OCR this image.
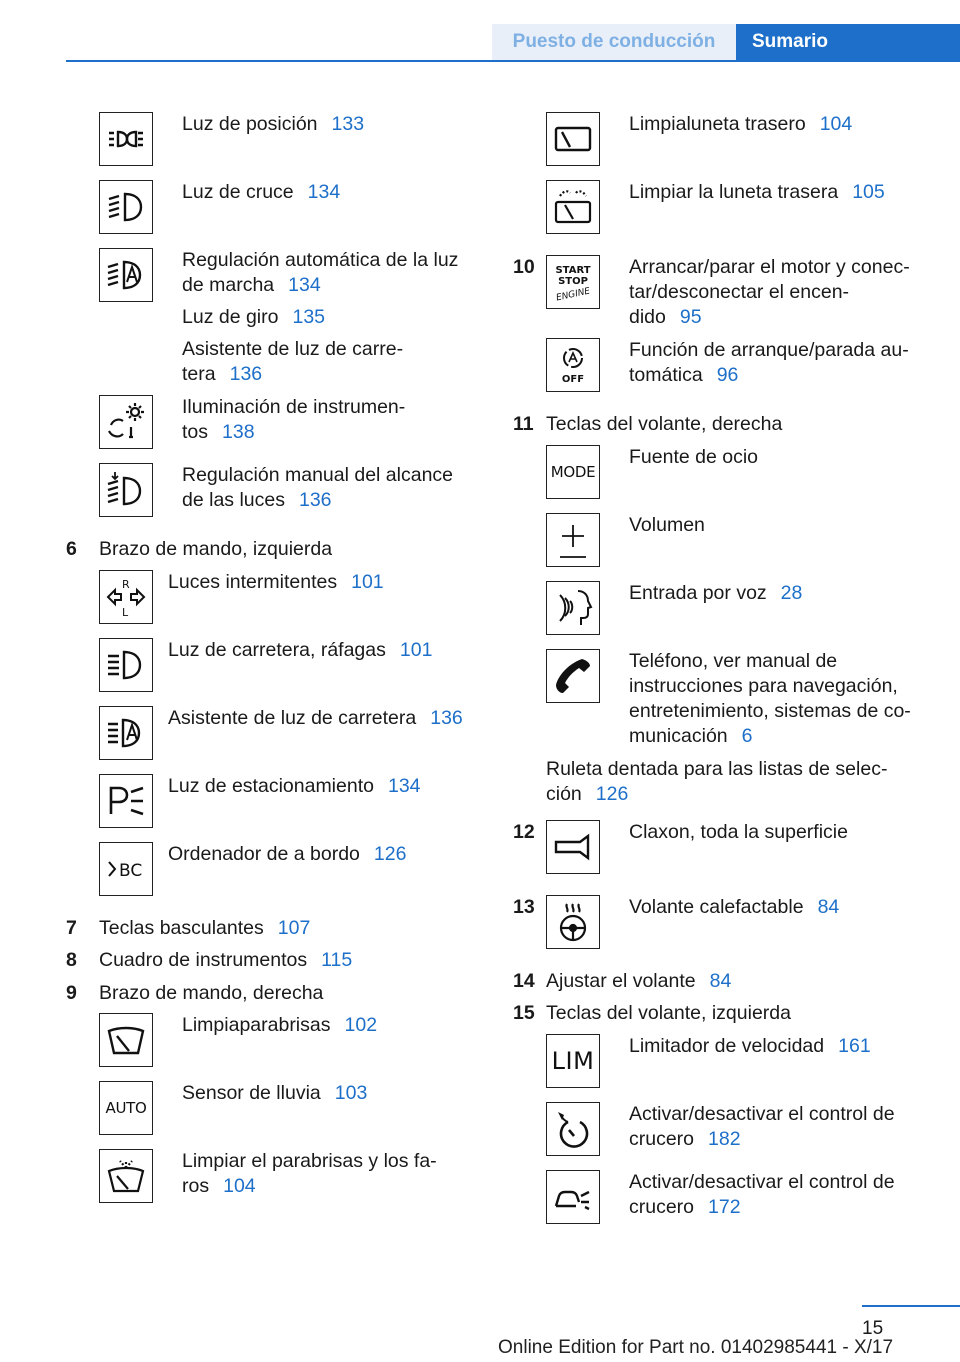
Puesto de conducción	Sumario
Luz de posición 133
Luz de cruce 134
Regulación automática de la luz
de marcha 134
Luz de giro 135
Asistente de luz de carre-
tera 136
Iluminación de instrumen-
tos 138
Regulación manual del alcance
de las luces 136
6 Brazo de mando, izquierda
R
L
Luces intermitentes 101
Luz de carretera, ráfagas 101
Asistente de luz de carretera 136
Luz de estacionamiento 134
BC
Ordenador de a bordo 126
7 Teclas basculantes 107
8 Cuadro de instrumentos 115
9 Brazo de mando, derecha
Limpiaparabrisas 102
AUTO
Sensor de lluvia 103
Limpiar el parabrisas y los fa-
ros 104
Limpialuneta trasero 104
Limpiar la luneta trasera 105
10 START
STOP
ENGINE
Arrancar/parar el motor y conec-
tar/desconectar el encen-
dido 95
OFF
Función de arranque/parada au-
tomática 96
11 Teclas del volante, derecha
MODE
Fuente de ocio
Volumen
Entrada por voz 28
Teléfono, ver manual de
instrucciones para navegación,
entretenimiento, sistemas de co-
municación 6
Ruleta dentada para las listas de selec-
ción 126
12	Claxon, toda la superficie
13	Volante calefactable 84
14 Ajustar el volante 84
15 Teclas del volante, izquierda
LIM
Limitador de velocidad 161
Activar/desactivar el control de
crucero 182
Activar/desactivar el control de
crucero 172
15
Online Edition for Part no. 01402985441 - X/17
